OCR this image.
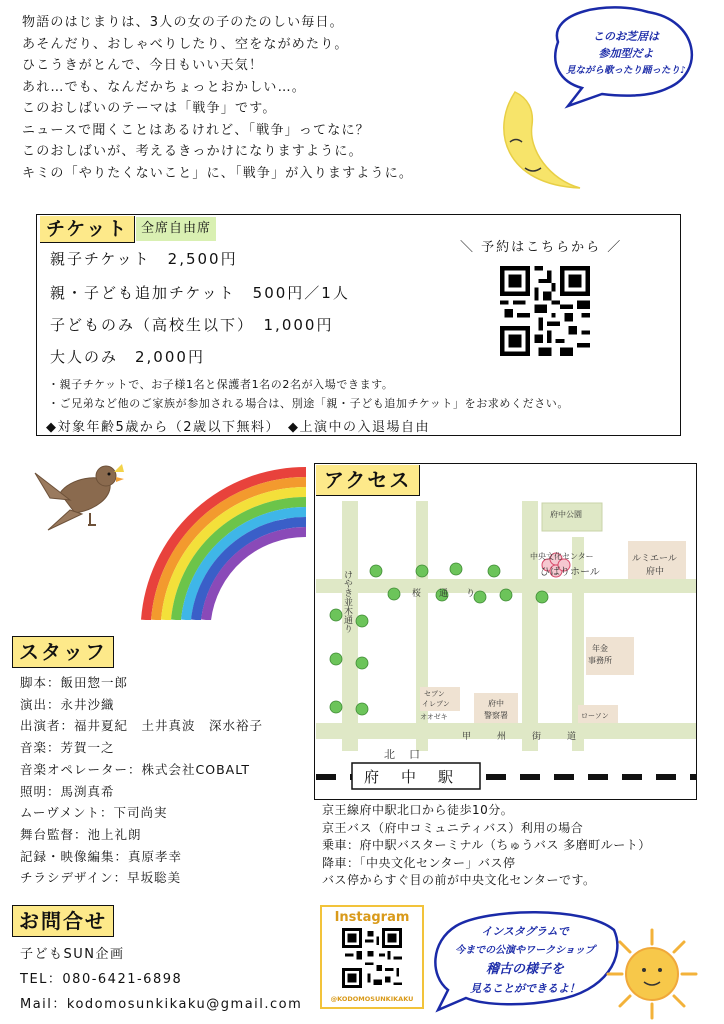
物語のはじまりは、3人の女の子のたのしい毎日。
あそんだり、おしゃべりしたり、空をながめたり。
ひこうきがとんで、今日もいい天気！
あれ…でも、なんだかちょっとおかしい…。
このおしばいのテーマは「戦争」です。
ニュースで聞くことはあるけれど、「戦争」ってなに？
このおしばいが、考えるきっかけになりますように。
キミの「やりたくないこと」に、「戦争」が入りますように。
このお芝居は
参加型だよ
見ながら歌ったり踊ったり♪
チケット 全席自由席
親子チケット　2,500円
親・子ども追加チケット　500円／1人
子どものみ（高校生以下）　1,000円
大人のみ　2,000円
・親子チケットで、お子様1名と保護者1名の2名が入場できます。
・ご兄弟など他のご家族が参加される場合は、別途「親・子ども追加チケット」をお求めください。
◆対象年齢5歳から（2歳以下無料）　◆上演中の入退場自由
＼ 予約はこちらから ／
アクセス
府中公園
中央文化センター
ひばりホール
ルミエール
府中
けやき並木通り	桜通り
甲州街道
年金
事務所
セブン
イレブン
オオゼキ
府中
警察署	ローソン
北口
府中駅
京王線府中駅北口から徒歩10分。
京王バス（府中コミュニティバス）利用の場合
乗車：府中駅バスターミナル（ちゅうバス 多磨町ルート）
降車：「中央文化センター」バス停
バス停からすぐ目の前が中央文化センターです。
スタッフ
脚本：飯田惣一郎
演出：永井沙織
出演者：福井夏紀　土井真波　深水裕子
音楽：芳賀一之
音楽オペレーター：株式会社COBALT
照明：馬渕真希
ムーヴメント：下司尚実
舞台監督：池上礼朗
記録・映像編集：真原孝幸
チラシデザイン：早坂聡美
お問合せ
子どもSUN企画
TEL：080-6421-6898
Mail：kodomosunkikaku@gmail.com
Instagram
@KODOMOSUNKIKAKU
インスタグラムで
今までの公演やワークショップ
稽古の様子を
見ることができるよ！
